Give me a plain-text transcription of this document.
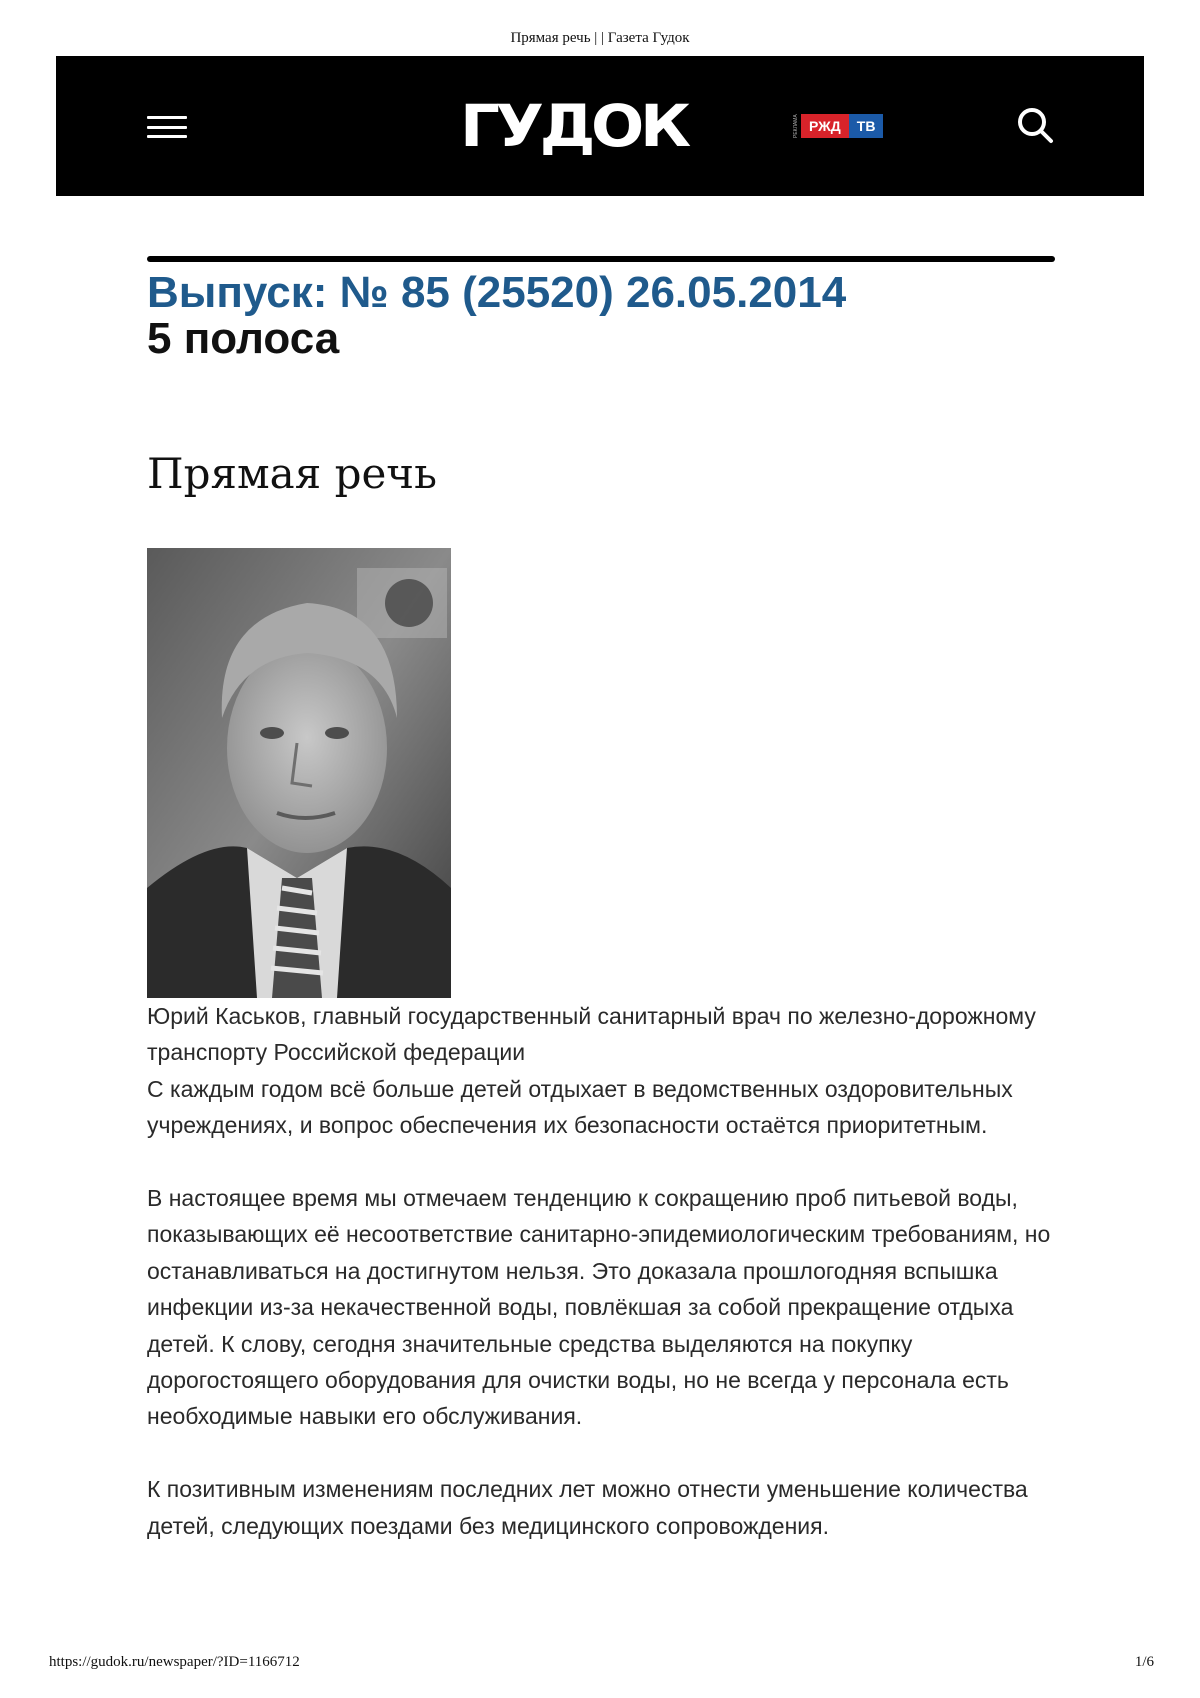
Прямая речь | | Газета Гудок
ГУДОК	РЕКЛАМА РЖД	ТВ
Выпуск: № 85 (25520) 26.05.2014
5 полоса
Прямая речь

Юрий Каськов, главный государственный санитарный врач по железно-дорожному транспорту Российской федерации

С каждым годом всё больше детей отдыхает в ведомственных оздоровительных учреждениях, и вопрос обеспечения их безопасности остаётся приоритетным.

В настоящее время мы отмечаем тенденцию к сокращению проб питьевой воды, показывающих её несоответствие санитарно-эпидемиологическим требованиям, но останавливаться на достигнутом нельзя. Это доказала прошлогодняя вспышка инфекции из-за некачественной воды, повлёкшая за собой прекращение отдыха детей. К слову, сегодня значительные средства выделяются на покупку дорогостоящего оборудования для очистки воды, но не всегда у персонала есть необходимые навыки его обслуживания.

К позитивным изменениям последних лет можно отнести уменьшение количества детей, следующих поездами без медицинского сопровождения.

https://gudok.ru/newspaper/?ID=1166712	1/6
